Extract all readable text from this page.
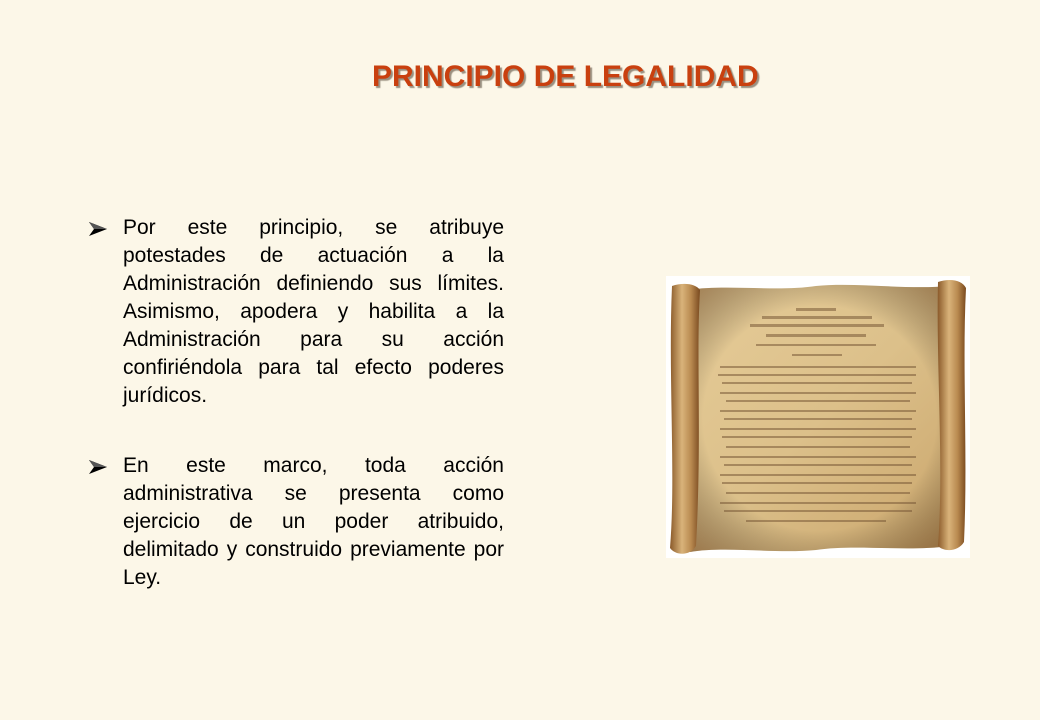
PRINCIPIO DE LEGALIDAD
Por este principio, se atribuye potestades de actuación a la Administración definiendo sus límites. Asimismo, apodera y habilita a la Administración para su acción confiriéndola para tal efecto poderes jurídicos.
En este marco, toda acción administrativa se presenta como ejercicio de un poder atribuido, delimitado y construido previamente por Ley.
